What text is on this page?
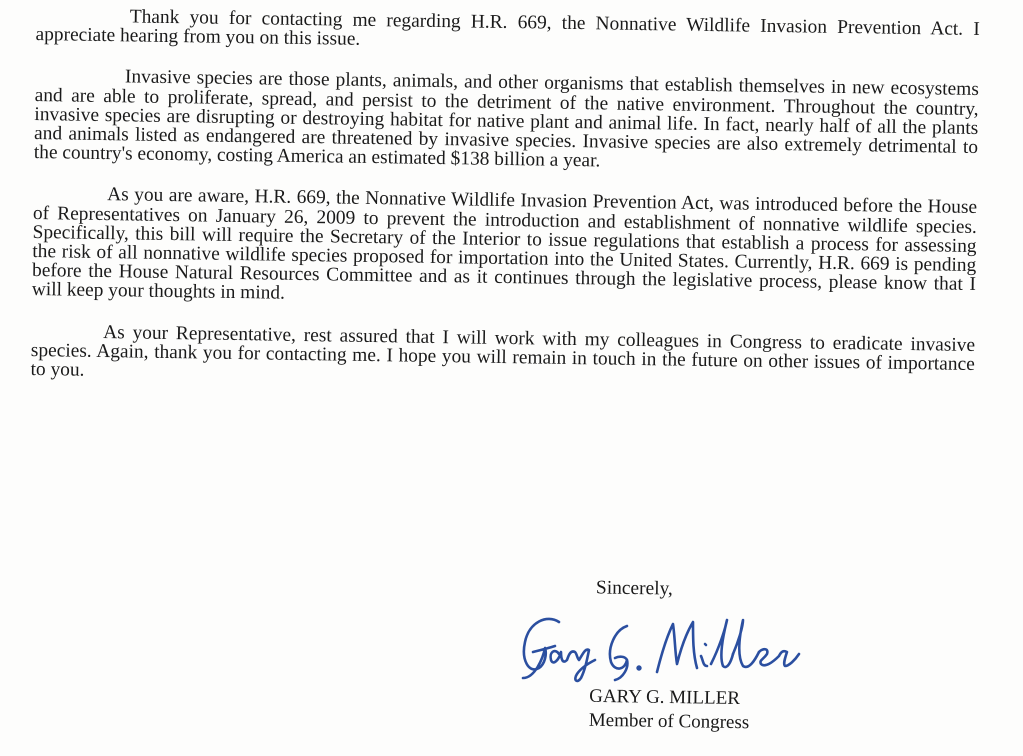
Thank you for contacting me regarding H.R. 669, the Nonnative Wildlife Invasion Prevention Act. I appreciate hearing from you on this issue.

Invasive species are those plants, animals, and other organisms that establish themselves in new ecosystems and are able to proliferate, spread, and persist to the detriment of the native environment. Throughout the country, invasive species are disrupting or destroying habitat for native plant and animal life. In fact, nearly half of all the plants and animals listed as endangered are threatened by invasive species. Invasive species are also extremely detrimental to the country's economy, costing America an estimated $138 billion a year.

As you are aware, H.R. 669, the Nonnative Wildlife Invasion Prevention Act, was introduced before the House of Representatives on January 26, 2009 to prevent the introduction and establishment of nonnative wildlife species. Specifically, this bill will require the Secretary of the Interior to issue regulations that establish a process for assessing the risk of all nonnative wildlife species proposed for importation into the United States. Currently, H.R. 669 is pending before the House Natural Resources Committee and as it continues through the legislative process, please know that I will keep your thoughts in mind.

As your Representative, rest assured that I will work with my colleagues in Congress to eradicate invasive species. Again, thank you for contacting me. I hope you will remain in touch in the future on other issues of importance to you.

Sincerely,
GARY G. MILLER
Member of Congress
